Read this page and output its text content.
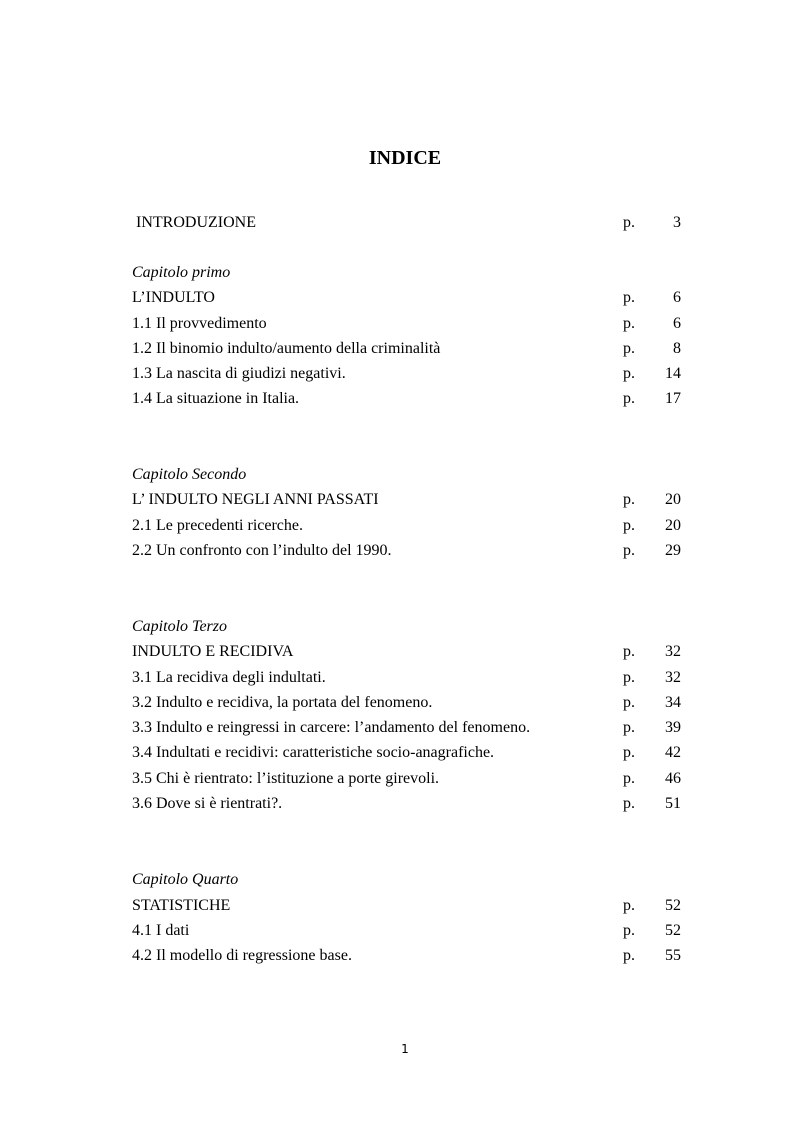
INDICE
INTRODUZIONE .....	p. 3
Capitolo primo
L’INDULTO .....	p. 6
1.1 Il provvedimento .....	p. 6
1.2 Il binomio indulto/aumento della criminalità .....	p. 8
1.3 La nascita di giudizi negativi. .....	p. 14
1.4 La situazione in Italia. .....	p. 17
Capitolo Secondo
L’ INDULTO NEGLI ANNI PASSATI .....	p. 20
2.1 Le precedenti ricerche. .....	p. 20
2.2 Un confronto con l’indulto del 1990. .....	p. 29
Capitolo Terzo
INDULTO E RECIDIVA .....	p. 32
3.1 La recidiva degli indultati. .....	p. 32
3.2 Indulto e recidiva, la portata del fenomeno. .....	p. 34
3.3 Indulto e reingressi in carcere: l’andamento del fenomeno. .....	p. 39
3.4 Indultati e recidivi: caratteristiche socio-anagrafiche. .....	p. 42
3.5 Chi è rientrato: l’istituzione a porte girevoli. .....	p. 46
3.6 Dove si è rientrati?. .....	p. 51
Capitolo Quarto
STATISTICHE .....	p. 52
4.1 I dati .....	p. 52
4.2 Il modello di regressione base. .....	p. 55
1
